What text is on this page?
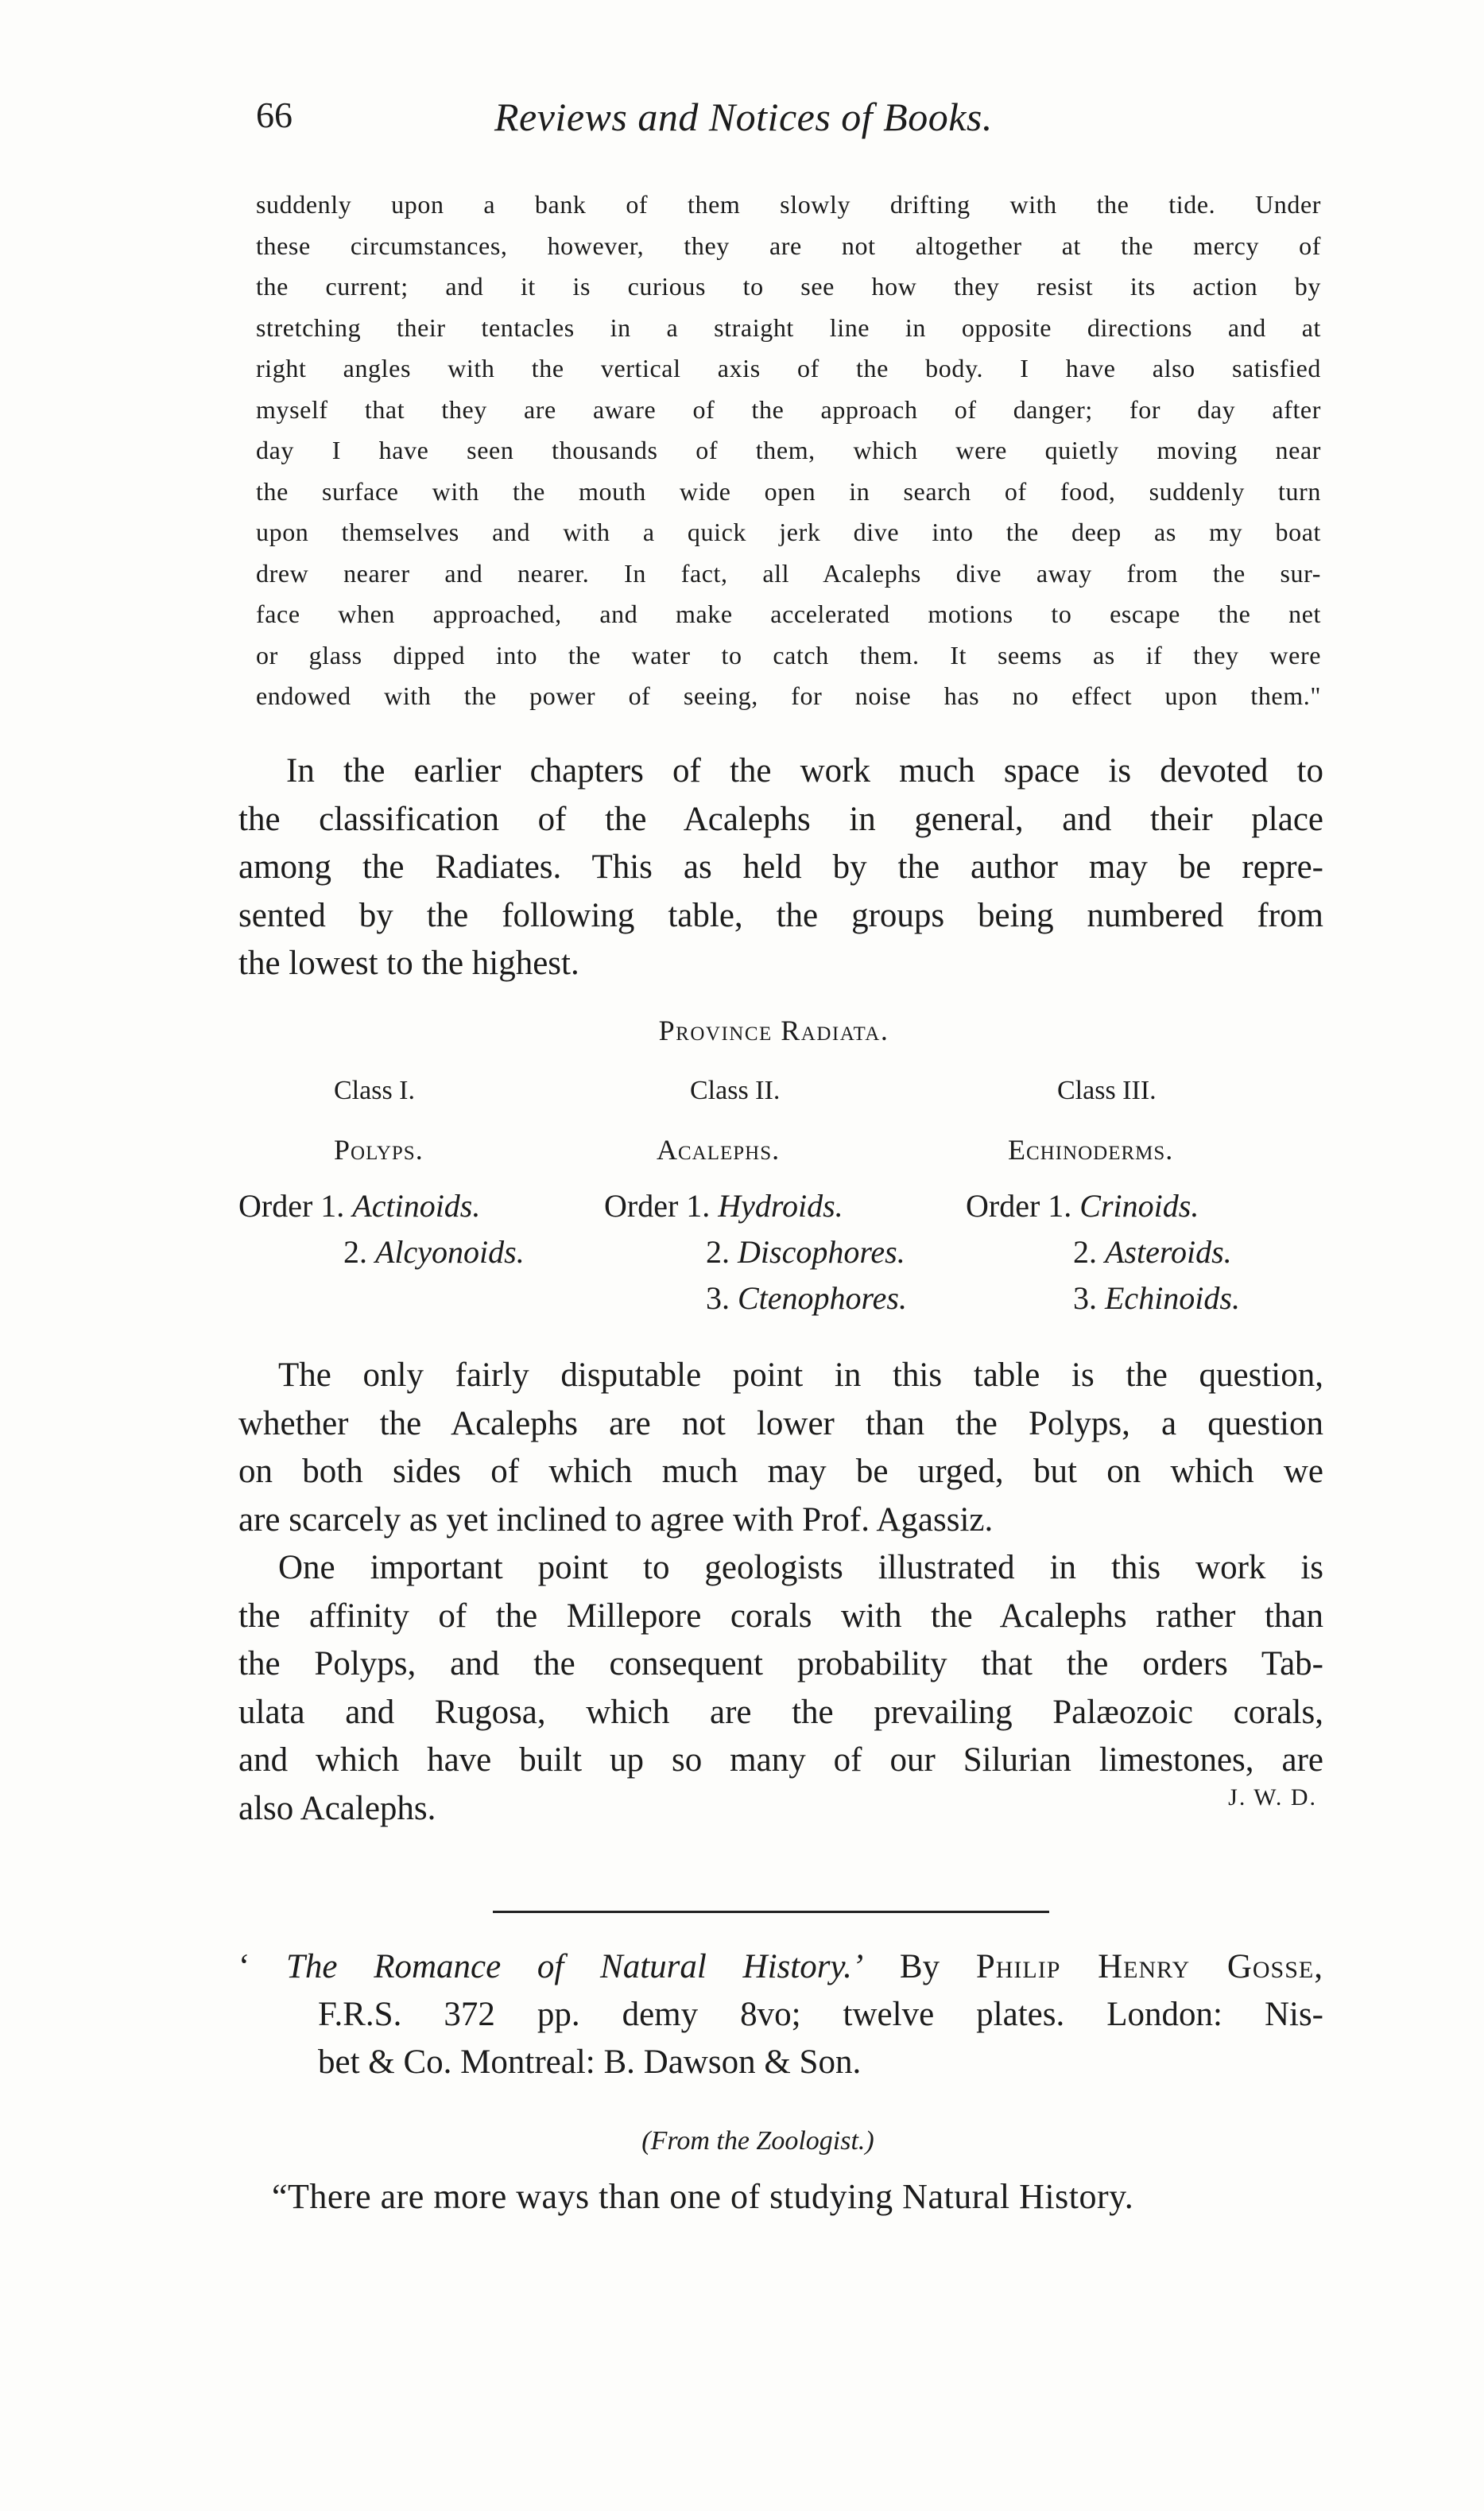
66	Reviews and Notices of Books.
suddenly upon a bank of them slowly drifting with the tide. Under
these circumstances, however, they are not altogether at the mercy of
the current; and it is curious to see how they resist its action by
stretching their tentacles in a straight line in opposite directions and at
right angles with the vertical axis of the body. I have also satisfied
myself that they are aware of the approach of danger; for day after
day I have seen thousands of them, which were quietly moving near
the surface with the mouth wide open in search of food, suddenly turn
upon themselves and with a quick jerk dive into the deep as my boat
drew nearer and nearer. In fact, all Acalephs dive away from the sur-
face when approached, and make accelerated motions to escape the net
or glass dipped into the water to catch them. It seems as if they were
endowed with the power of seeing, for noise has no effect upon them."
In the earlier chapters of the work much space is devoted to
the classification of the Acalephs in general, and their place
among the Radiates. This as held by the author may be repre-
sented by the following table, the groups being numbered from
the lowest to the highest.
Province Radiata.
Class I.
Polyps.
Order 1. Actinoids.
2. Alcyonoids.
Class II.
Acalephs.
Order 1. Hydroids.
2. Discophores.
3. Ctenophores.
Class III.
Echinoderms.
Order 1. Crinoids.
2. Asteroids.
3. Echinoids.
The only fairly disputable point in this table is the question,
whether the Acalephs are not lower than the Polyps, a question
on both sides of which much may be urged, but on which we
are scarcely as yet inclined to agree with Prof. Agassiz.
One important point to geologists illustrated in this work is
the affinity of the Millepore corals with the Acalephs rather than
the Polyps, and the consequent probability that the orders Tab-
ulata and Rugosa, which are the prevailing Palæozoic corals,
and which have built up so many of our Silurian limestones, are
also Acalephs.	J. W. D.
‘ The Romance of Natural History.’ By Philip Henry Gosse,
F.R.S. 372 pp. demy 8vo; twelve plates. London: Nis-
bet & Co. Montreal: B. Dawson & Son.
(From the Zoologist.)
“There are more ways than one of studying Natural History.
